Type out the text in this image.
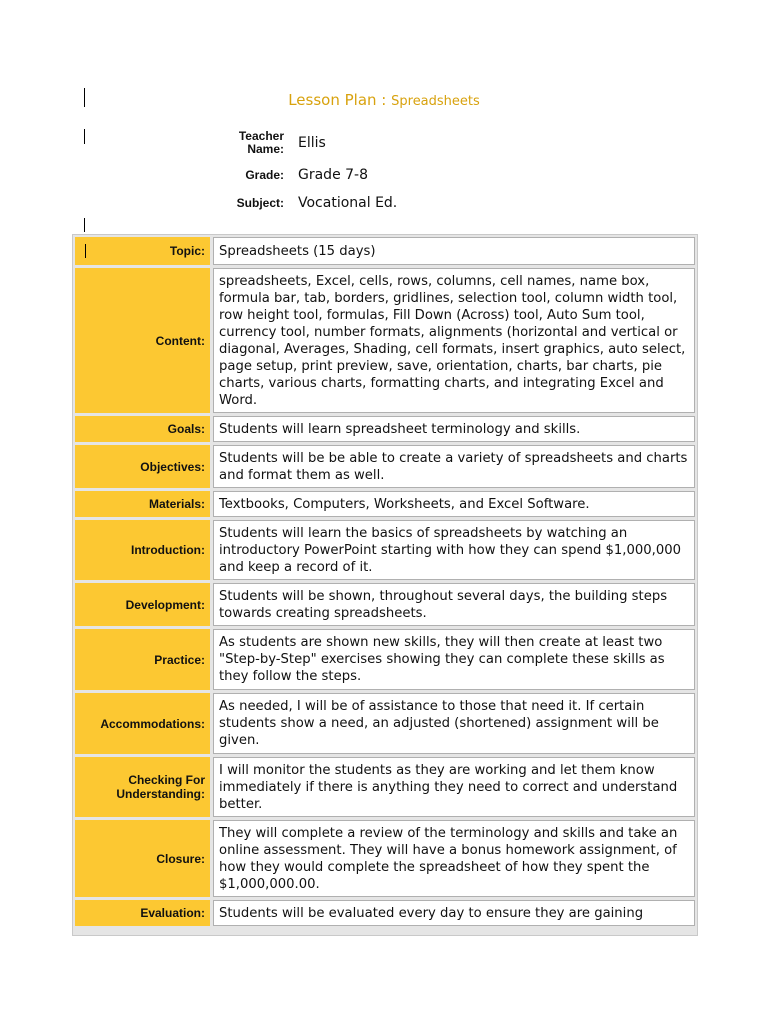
Lesson Plan : Spreadsheets
Teacher Name:	Ellis
Grade:	Grade 7-8
Subject:	Vocational Ed.
Topic: Spreadsheets (15 days)
Content:
spreadsheets, Excel, cells, rows, columns, cell names, name box, formula bar, tab, borders, gridlines, selection tool, column width tool, row height tool, formulas, Fill Down (Across) tool, Auto Sum tool, currency tool, number formats, alignments (horizontal and vertical or diagonal, Averages, Shading, cell formats, insert graphics, auto select, page setup, print preview, save, orientation, charts, bar charts, pie charts, various charts, formatting charts, and integrating Excel and Word.
Goals: Students will learn spreadsheet terminology and skills.
Objectives:
Students will be be able to create a variety of spreadsheets and charts and format them as well.
Materials: Textbooks, Computers, Worksheets, and Excel Software.
Introduction:
Students will learn the basics of spreadsheets by watching an introductory PowerPoint starting with how they can spend $1,000,000 and keep a record of it.
Development:
Students will be shown, throughout several days, the building steps towards creating spreadsheets.
Practice:
As students are shown new skills, they will then create at least two "Step-by-Step" exercises showing they can complete these skills as they follow the steps.
Accommodations:
As needed, I will be of assistance to those that need it. If certain students show a need, an adjusted (shortened) assignment will be given.
Checking For Understanding:
I will monitor the students as they are working and let them know immediately if there is anything they need to correct and understand better.
Closure:
They will complete a review of the terminology and skills and take an online assessment. They will have a bonus homework assignment, of how they would complete the spreadsheet of how they spent the $1,000,000.00.
Evaluation: Students will be evaluated every day to ensure they are gaining
